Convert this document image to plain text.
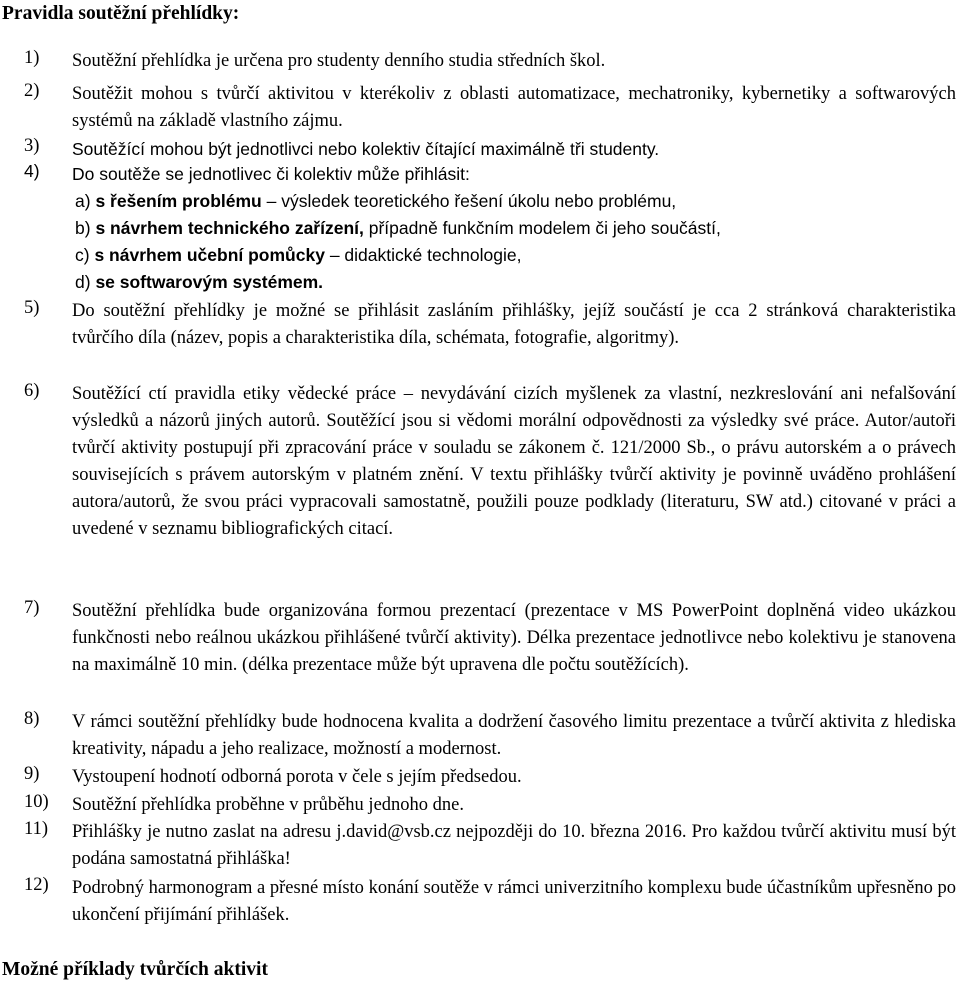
Pravidla soutěžní přehlídky:
1) Soutěžní přehlídka je určena pro studenty denního studia středních škol.
2) Soutěžit mohou s tvůrčí aktivitou v kterékoliv z oblasti automatizace, mechatroniky, kybernetiky a softwarových systémů na základě vlastního zájmu.
3) Soutěžící mohou být jednotlivci nebo kolektiv čítající maximálně tři studenty.
4) Do soutěže se jednotlivec či kolektiv může přihlásit:
a) s řešením problému – výsledek teoretického řešení úkolu nebo problému,
b) s návrhem technického zařízení, případně funkčním modelem či jeho součástí,
c) s návrhem učební pomůcky – didaktické technologie,
d) se softwarovým systémem.
5) Do soutěžní přehlídky je možné se přihlásit zasláním přihlášky, jejíž součástí je cca 2 stránková charakteristika tvůrčího díla (název, popis a charakteristika díla, schémata, fotografie, algoritmy).
6) Soutěžící ctí pravidla etiky vědecké práce – nevydávání cizích myšlenek za vlastní, nezkreslování ani nefalšování výsledků a názorů jiných autorů. Soutěžící jsou si vědomi morální odpovědnosti za výsledky své práce. Autor/autoři tvůrčí aktivity postupují při zpracování práce v souladu se zákonem č. 121/2000 Sb., o právu autorském a o právech souvisejících s právem autorským v platném znění. V textu přihlášky tvůrčí aktivity je povinně uváděno prohlášení autora/autorů, že svou práci vypracovali samostatně, použili pouze podklady (literaturu, SW atd.) citované v práci a uvedené v seznamu bibliografických citací.
7) Soutěžní přehlídka bude organizována formou prezentací (prezentace v MS PowerPoint doplněná video ukázkou funkčnosti nebo reálnou ukázkou přihlášené tvůrčí aktivity). Délka prezentace jednotlivce nebo kolektivu je stanovena na maximálně 10 min. (délka prezentace může být upravena dle počtu soutěžících).
8) V rámci soutěžní přehlídky bude hodnocena kvalita a dodržení časového limitu prezentace a tvůrčí aktivita z hlediska kreativity, nápadu a jeho realizace, možností a modernost.
9) Vystoupení hodnotí odborná porota v čele s jejím předsedou.
10) Soutěžní přehlídka proběhne v průběhu jednoho dne.
11) Přihlášky je nutno zaslat na adresu j.david@vsb.cz nejpozději do 10. března 2016. Pro každou tvůrčí aktivitu musí být podána samostatná přihláška!
12) Podrobný harmonogram a přesné místo konání soutěže v rámci univerzitního komplexu bude účastníkům upřesněno po ukončení přijímání přihlášek.
Možné příklady tvůrčích aktivit
